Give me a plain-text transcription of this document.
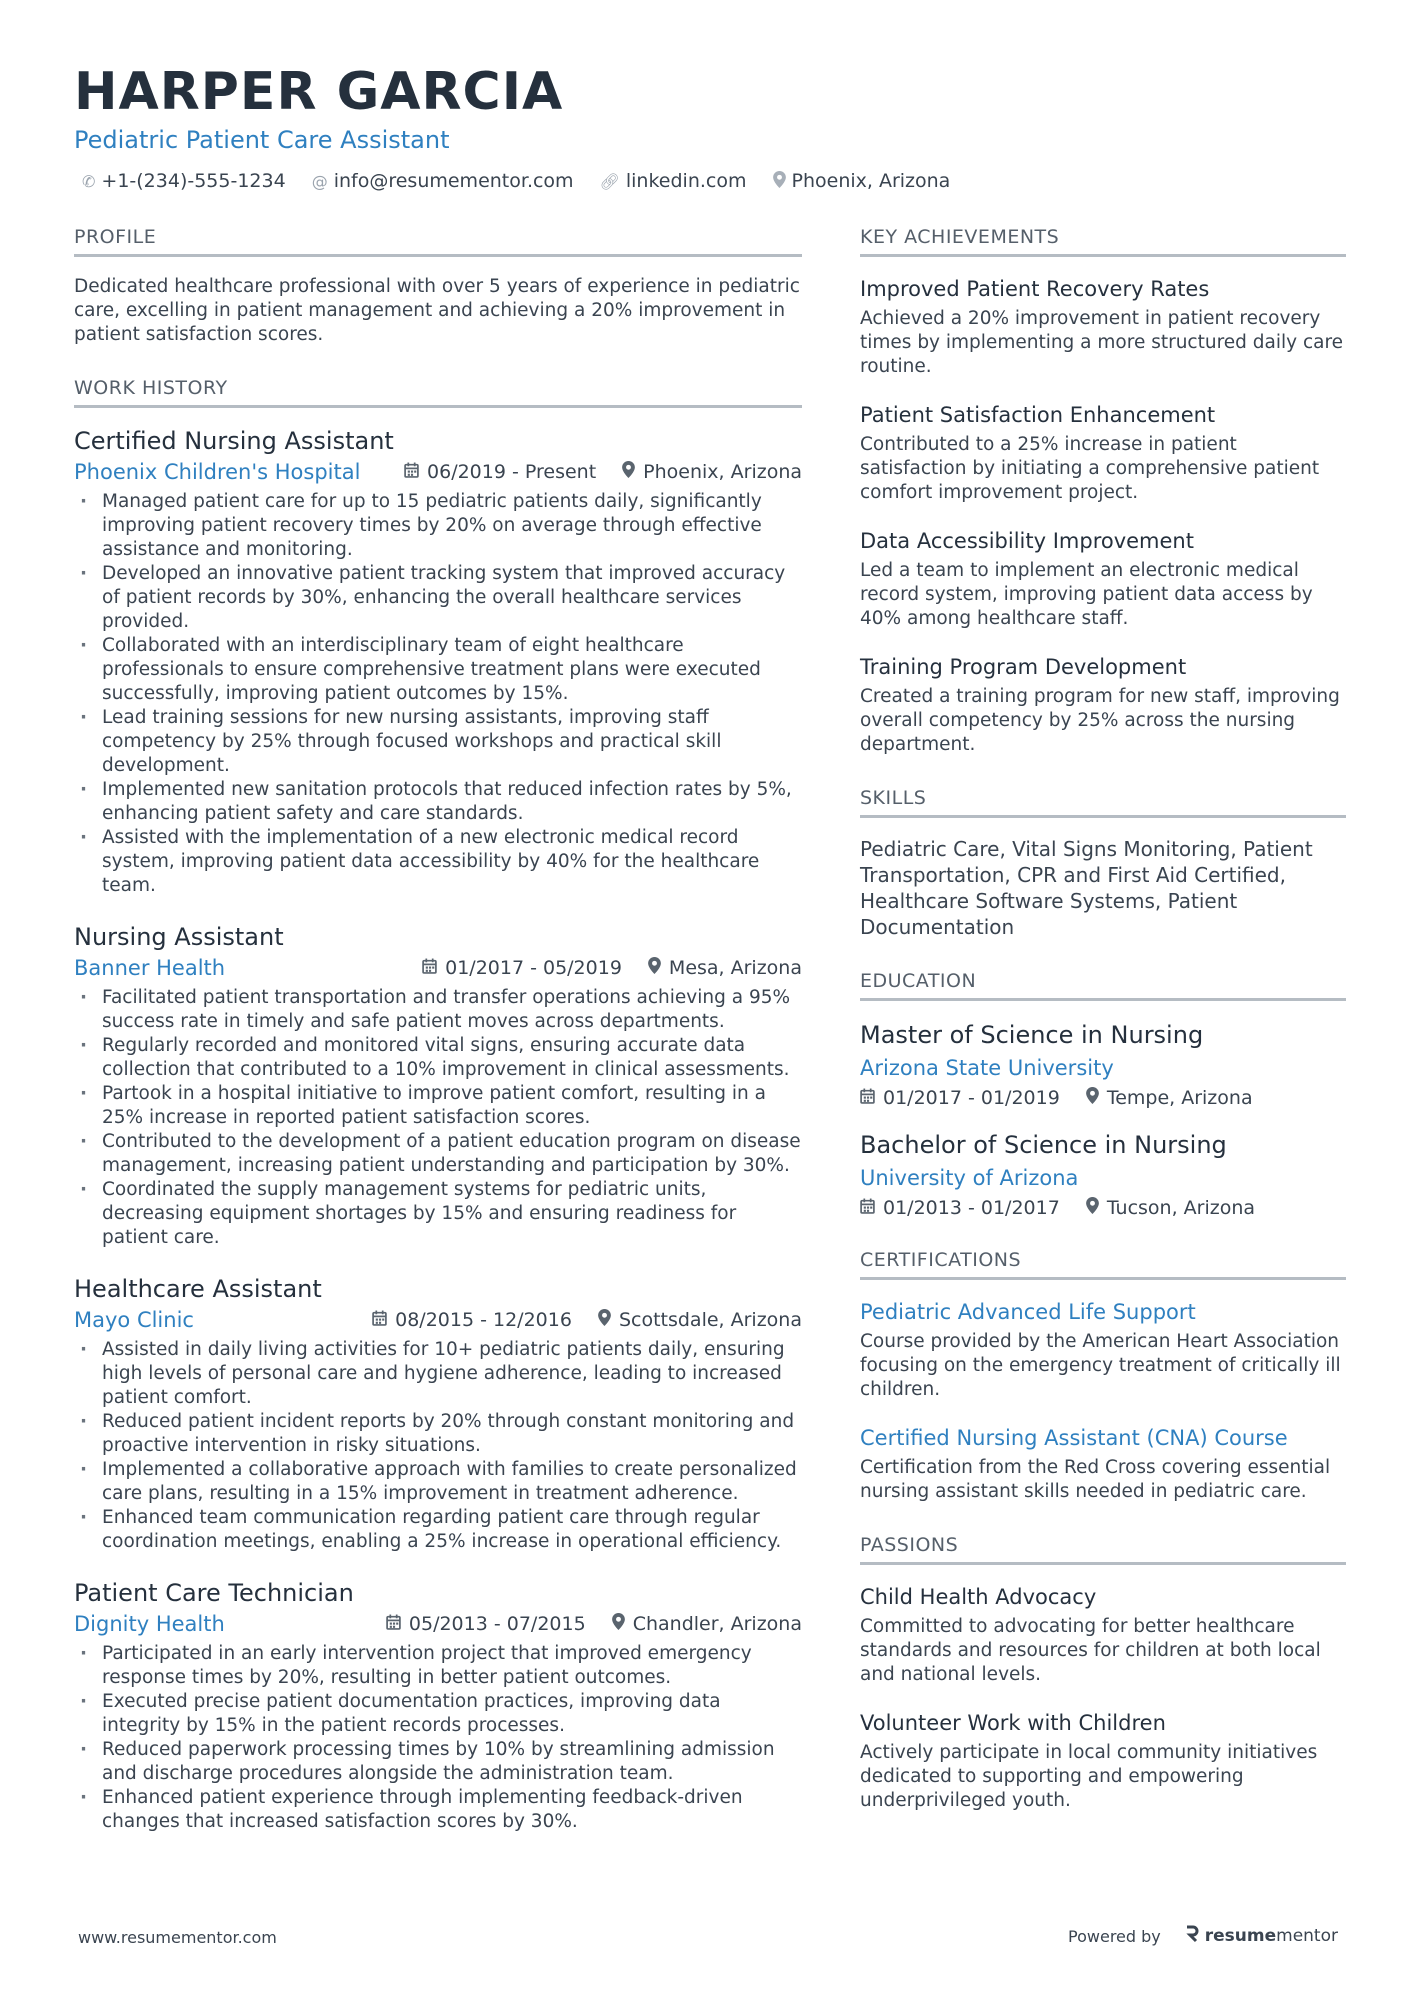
HARPER GARCIA
Pediatric Patient Care Assistant
✆ +1-(234)-555-1234 @ info@resumementor.com 🔗︎ linkedin.com Phoenix, Arizona
PROFILE
Dedicated healthcare professional with over 5 years of experience in pediatric care, excelling in patient management and achieving a 20% improvement in patient satisfaction scores.
WORK HISTORY
Certified Nursing Assistant
Phoenix Children's Hospital	06/2019 - Present Phoenix, Arizona
· Managed patient care for up to 15 pediatric patients daily, significantly improving patient recovery times by 20% on average through effective assistance and monitoring.
· Developed an innovative patient tracking system that improved accuracy of patient records by 30%, enhancing the overall healthcare services provided.
· Collaborated with an interdisciplinary team of eight healthcare professionals to ensure comprehensive treatment plans were executed successfully, improving patient outcomes by 15%.
· Lead training sessions for new nursing assistants, improving staff competency by 25% through focused workshops and practical skill development.
· Implemented new sanitation protocols that reduced infection rates by 5%, enhancing patient safety and care standards.
· Assisted with the implementation of a new electronic medical record system, improving patient data accessibility by 40% for the healthcare team.
Nursing Assistant
Banner Health	01/2017 - 05/2019 Mesa, Arizona
· Facilitated patient transportation and transfer operations achieving a 95% success rate in timely and safe patient moves across departments.
· Regularly recorded and monitored vital signs, ensuring accurate data collection that contributed to a 10% improvement in clinical assessments.
· Partook in a hospital initiative to improve patient comfort, resulting in a 25% increase in reported patient satisfaction scores.
· Contributed to the development of a patient education program on disease management, increasing patient understanding and participation by 30%.
· Coordinated the supply management systems for pediatric units, decreasing equipment shortages by 15% and ensuring readiness for patient care.
Healthcare Assistant
Mayo Clinic	08/2015 - 12/2016 Scottsdale, Arizona
· Assisted in daily living activities for 10+ pediatric patients daily, ensuring high levels of personal care and hygiene adherence, leading to increased patient comfort.
· Reduced patient incident reports by 20% through constant monitoring and proactive intervention in risky situations.
· Implemented a collaborative approach with families to create personalized care plans, resulting in a 15% improvement in treatment adherence.
· Enhanced team communication regarding patient care through regular coordination meetings, enabling a 25% increase in operational efficiency.
Patient Care Technician
Dignity Health	05/2013 - 07/2015 Chandler, Arizona
· Participated in an early intervention project that improved emergency response times by 20%, resulting in better patient outcomes.
· Executed precise patient documentation practices, improving data integrity by 15% in the patient records processes.
· Reduced paperwork processing times by 10% by streamlining admission and discharge procedures alongside the administration team.
· Enhanced patient experience through implementing feedback-driven changes that increased satisfaction scores by 30%.
KEY ACHIEVEMENTS
Improved Patient Recovery Rates
Achieved a 20% improvement in patient recovery times by implementing a more structured daily care routine.
Patient Satisfaction Enhancement
Contributed to a 25% increase in patient satisfaction by initiating a comprehensive patient comfort improvement project.
Data Accessibility Improvement
Led a team to implement an electronic medical record system, improving patient data access by 40% among healthcare staff.
Training Program Development
Created a training program for new staff, improving overall competency by 25% across the nursing department.
SKILLS
Pediatric Care, Vital Signs Monitoring, Patient Transportation, CPR and First Aid Certified, Healthcare Software Systems, Patient Documentation
EDUCATION
Master of Science in Nursing
Arizona State University
01/2017 - 01/2019 Tempe, Arizona
Bachelor of Science in Nursing
University of Arizona
01/2013 - 01/2017 Tucson, Arizona
CERTIFICATIONS
Pediatric Advanced Life Support
Course provided by the American Heart Association focusing on the emergency treatment of critically ill children.
Certified Nursing Assistant (CNA) Course
Certification from the Red Cross covering essential nursing assistant skills needed in pediatric care.
PASSIONS
Child Health Advocacy
Committed to advocating for better healthcare standards and resources for children at both local and national levels.
Volunteer Work with Children
Actively participate in local community initiatives dedicated to supporting and empowering underprivileged youth.
www.resumementor.com	Powered by	resumementor
